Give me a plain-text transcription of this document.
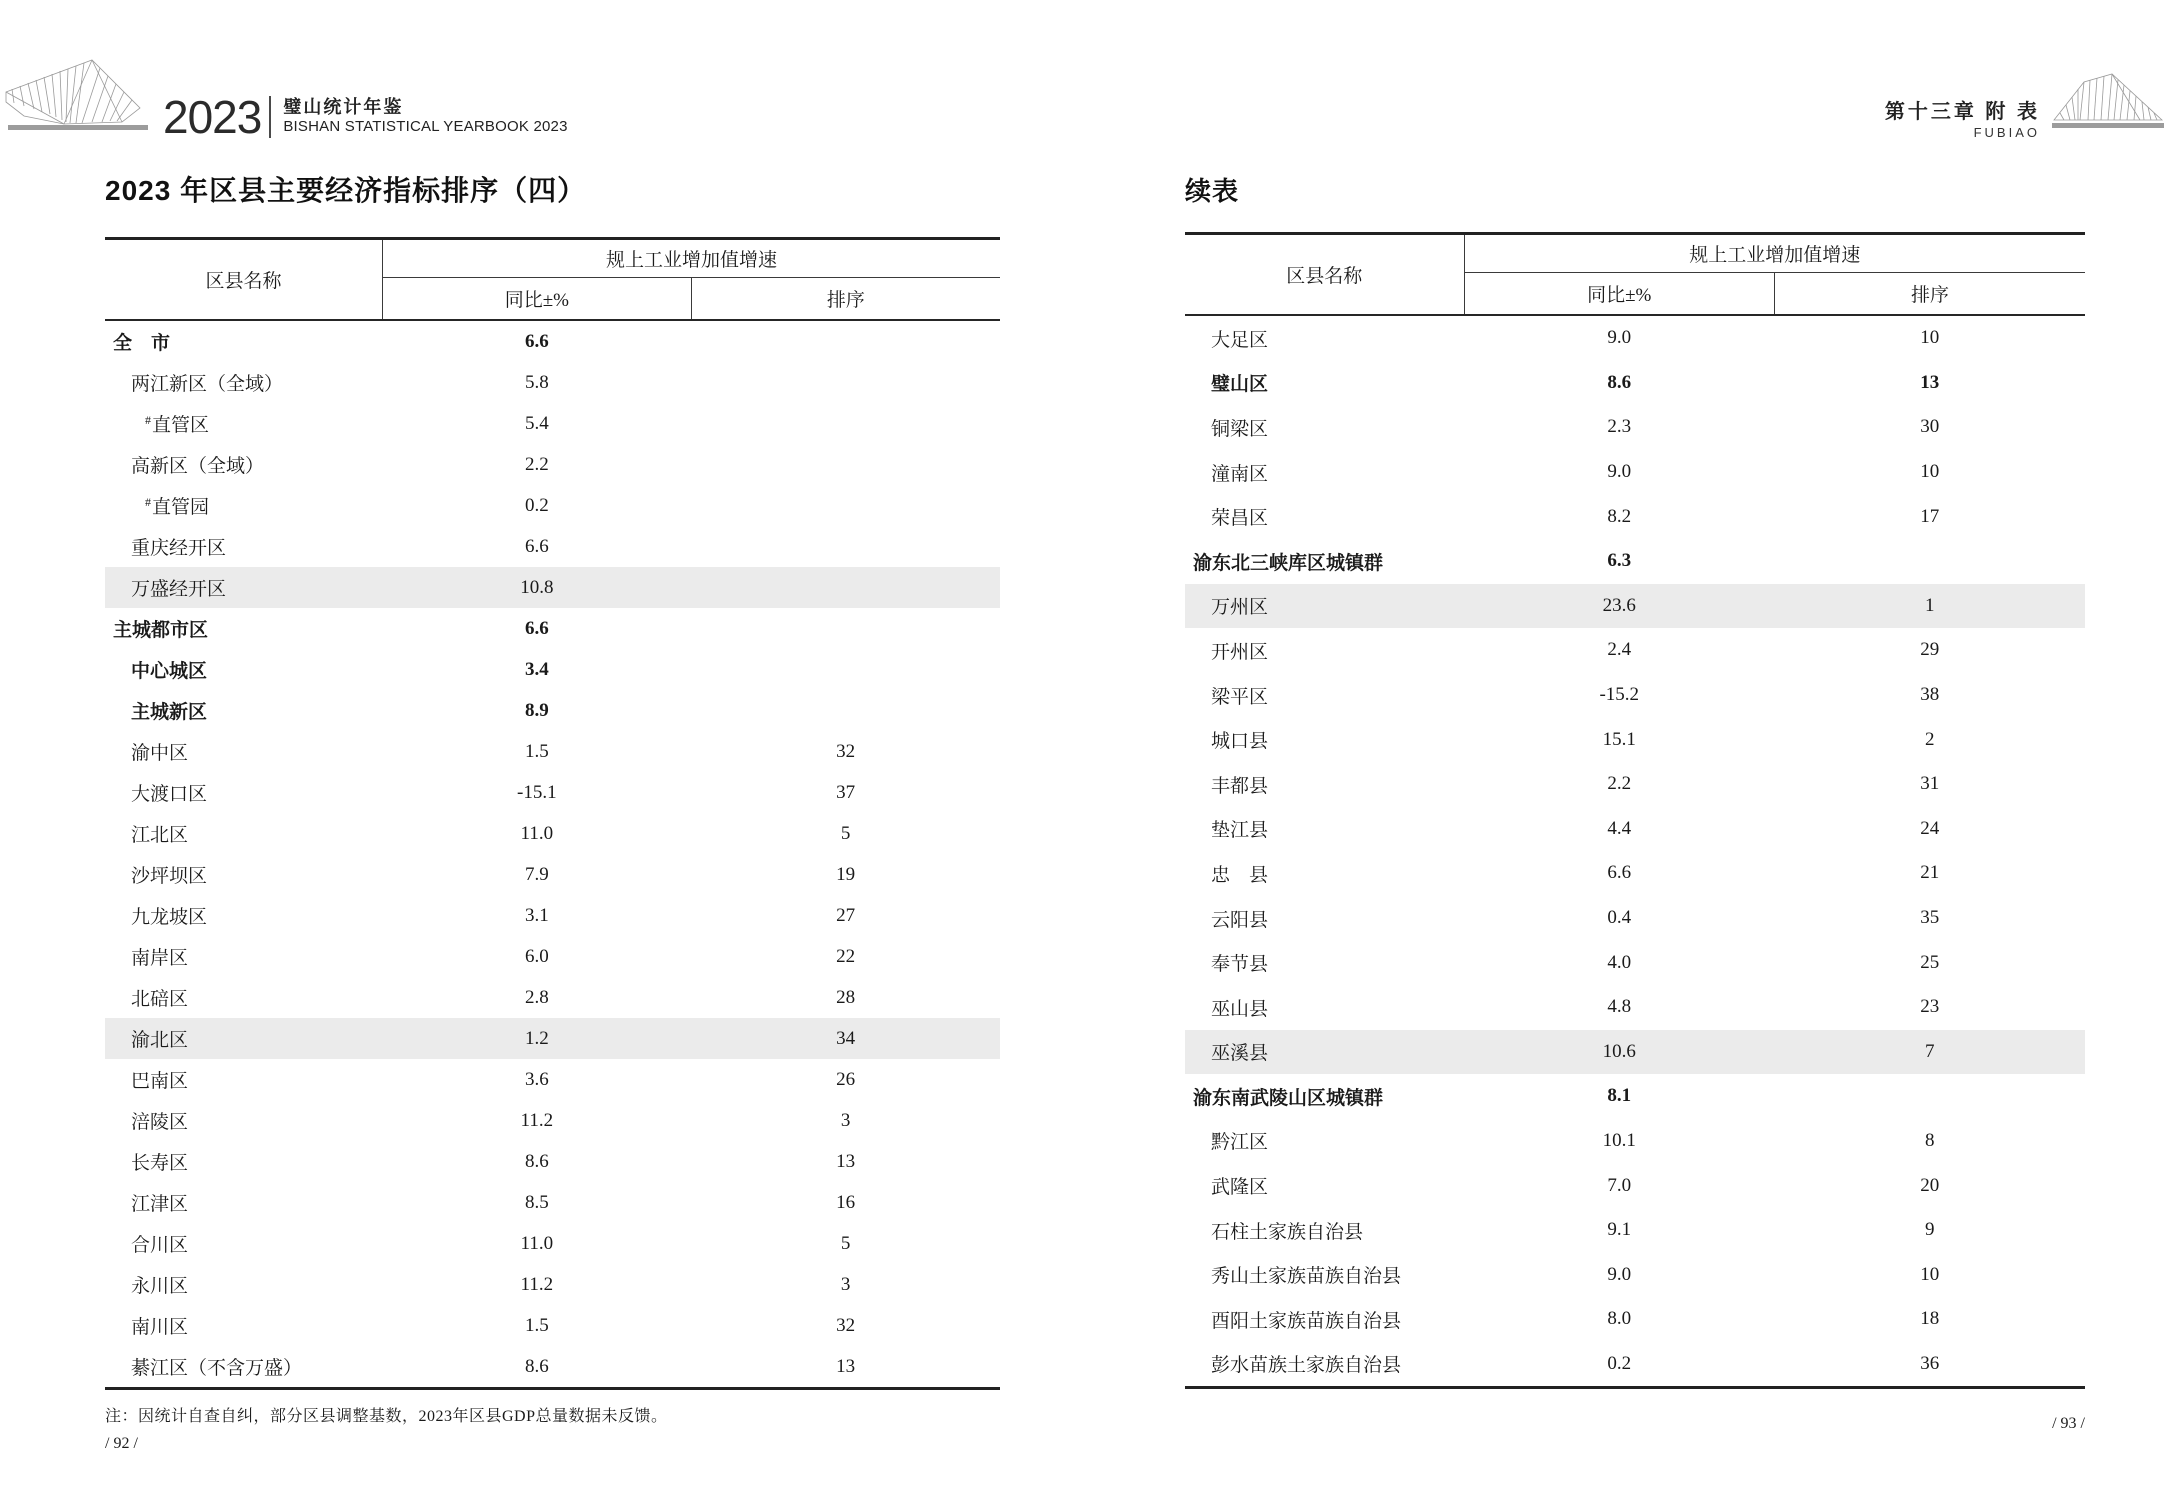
2023 璧山统计年鉴
BISHAN STATISTICAL YEARBOOK 2023
第十三章 附 表
FUBIAO
2023 年区县主要经济指标排序（四）
区县名称	规上工业增加值增速	
	同比±%	排序
全　市	6.6	
两江新区（全域）	5.8	
#直管区	5.4	
高新区（全域）	2.2	
#直管园	0.2	
重庆经开区	6.6	
万盛经开区	10.8	
主城都市区	6.6	
中心城区	3.4	
主城新区	8.9	
渝中区	1.5	32
大渡口区	-15.1	37
江北区	11.0	5
沙坪坝区	7.9	19
九龙坡区	3.1	27
南岸区	6.0	22
北碚区	2.8	28
渝北区	1.2	34
巴南区	3.6	26
涪陵区	11.2	3
长寿区	8.6	13
江津区	8.5	16
合川区	11.0	5
永川区	11.2	3
南川区	1.5	32
綦江区（不含万盛）	8.6	13

注：因统计自查自纠，部分区县调整基数，2023年区县GDP总量数据未反馈。

/ 92 /
续表
区县名称	规上工业增加值增速	
	同比±%	排序
大足区	9.0	10
璧山区	8.6	13
铜梁区	2.3	30
潼南区	9.0	10
荣昌区	8.2	17
渝东北三峡库区城镇群	6.3	
万州区	23.6	1
开州区	2.4	29
梁平区	-15.2	38
城口县	15.1	2
丰都县	2.2	31
垫江县	4.4	24
忠　县	6.6	21
云阳县	0.4	35
奉节县	4.0	25
巫山县	4.8	23
巫溪县	10.6	7
渝东南武陵山区城镇群	8.1	
黔江区	10.1	8
武隆区	7.0	20
石柱土家族自治县	9.1	9
秀山土家族苗族自治县	9.0	10
酉阳土家族苗族自治县	8.0	18
彭水苗族土家族自治县	0.2	36
/ 93 /
